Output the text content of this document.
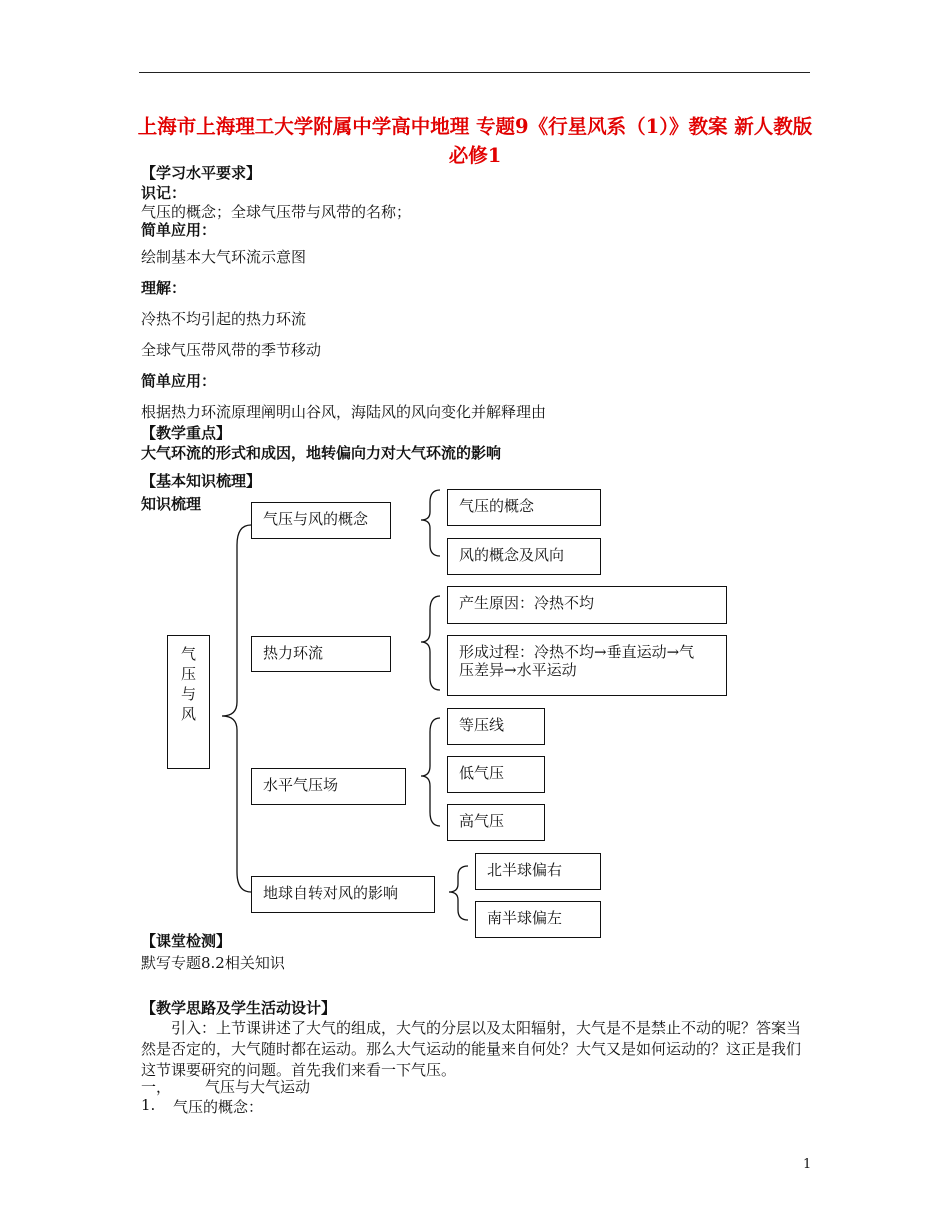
上海市上海理工大学附属中学高中地理 专题9《行星风系（1）》教案 新人教版必修1
【学习水平要求】
识记：
气压的概念；全球气压带与风带的名称；
简单应用：
绘制基本大气环流示意图
理解：
冷热不均引起的热力环流
全球气压带风带的季节移动
简单应用：
根据热力环流原理阐明山谷风，海陆风的风向变化并解释理由
【教学重点】
大气环流的形式和成因，地转偏向力对大气环流的影响
【基本知识梳理】
知识梳理
气
压
与
风
气压与风的概念
热力环流
水平气压场
地球自转对风的影响
气压的概念
风的概念及风向
产生原因：冷热不均
形成过程：冷热不均→垂直运动→气
压差异→水平运动
等压线
低气压
高气压
北半球偏右
南半球偏左
【课堂检测】
默写专题8.2相关知识
【教学思路及学生活动设计】
引入：上节课讲述了大气的组成，大气的分层以及太阳辐射，大气是不是禁止不动的呢？答案当然是否定的，大气随时都在运动。那么大气运动的能量来自何处？大气又是如何运动的？这正是我们这节课要研究的问题。首先我们来看一下气压。
一， 气压与大气运动
1. 气压的概念：
1
